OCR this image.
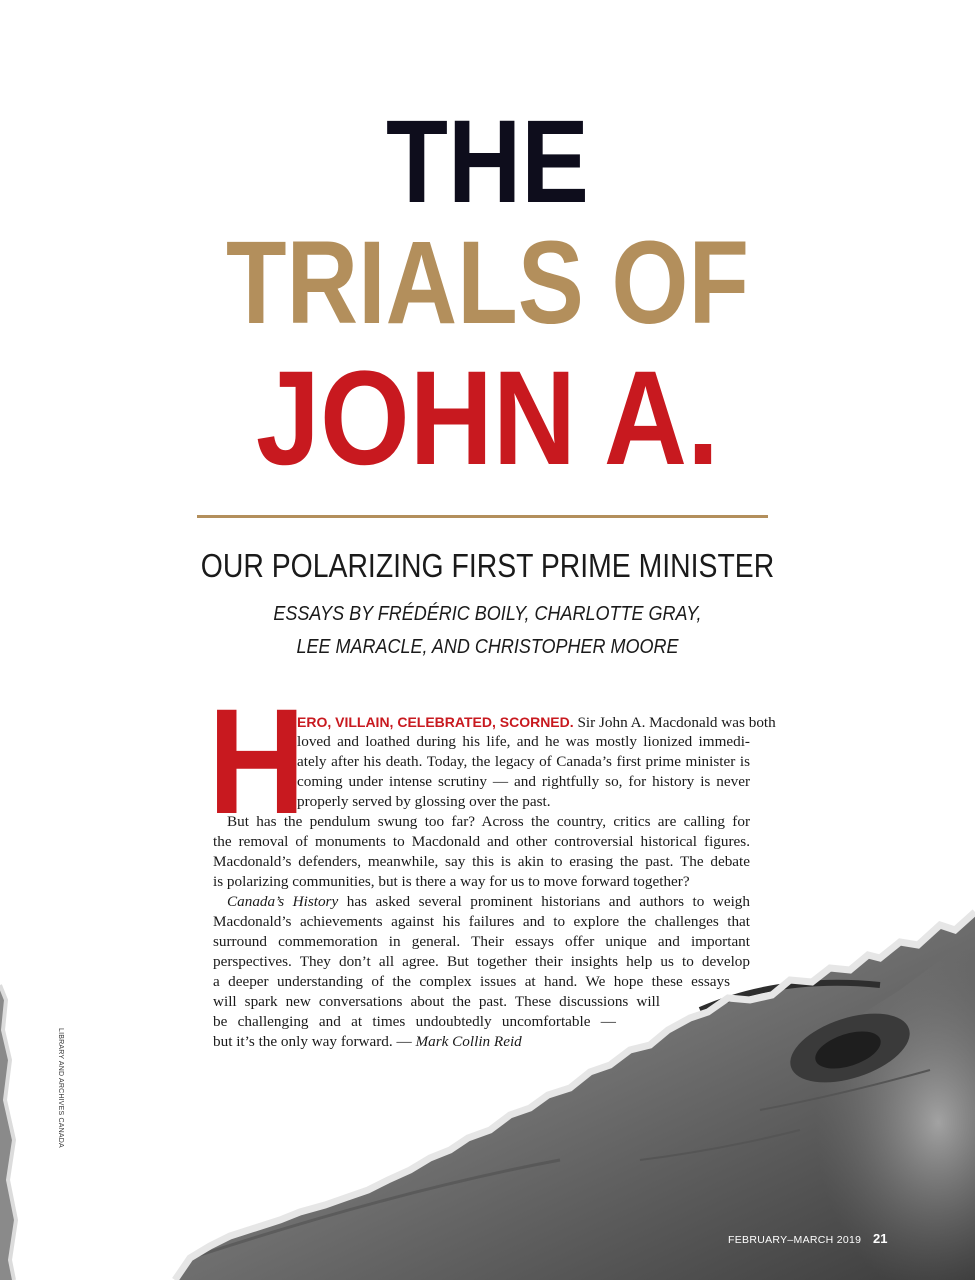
THE
TRIALS OF
JOHN A.
OUR POLARIZING FIRST PRIME MINISTER
ESSAYS BY FRÉDÉRIC BOILY, CHARLOTTE GRAY,
LEE MARACLE, AND CHRISTOPHER MOORE
H
ERO, VILLAIN, CELEBRATED, SCORNED. Sir John A. Macdonald was both
loved and loathed during his life, and he was mostly lionized immedi-
ately after his death. Today, the legacy of Canada’s first prime minister is
coming under intense scrutiny — and rightfully so, for history is never
properly served by glossing over the past.
But has the pendulum swung too far? Across the country, critics are calling for
the removal of monuments to Macdonald and other controversial historical figures.
Macdonald’s defenders, meanwhile, say this is akin to erasing the past. The debate
is polarizing communities, but is there a way for us to move forward together?
Canada’s History has asked several prominent historians and authors to weigh
Macdonald’s achievements against his failures and to explore the challenges that
surround commemoration in general. Their essays offer unique and important
perspectives. They don’t all agree. But together their insights help us to develop
a deeper understanding of the complex issues at hand. We hope these essays
will spark new conversations about the past. These discussions will
be challenging and at times undoubtedly uncomfortable —
but it’s the only way forward. — Mark Collin Reid
LIBRARY AND ARCHIVES CANADA
FEBRUARY–MARCH 2019 21
